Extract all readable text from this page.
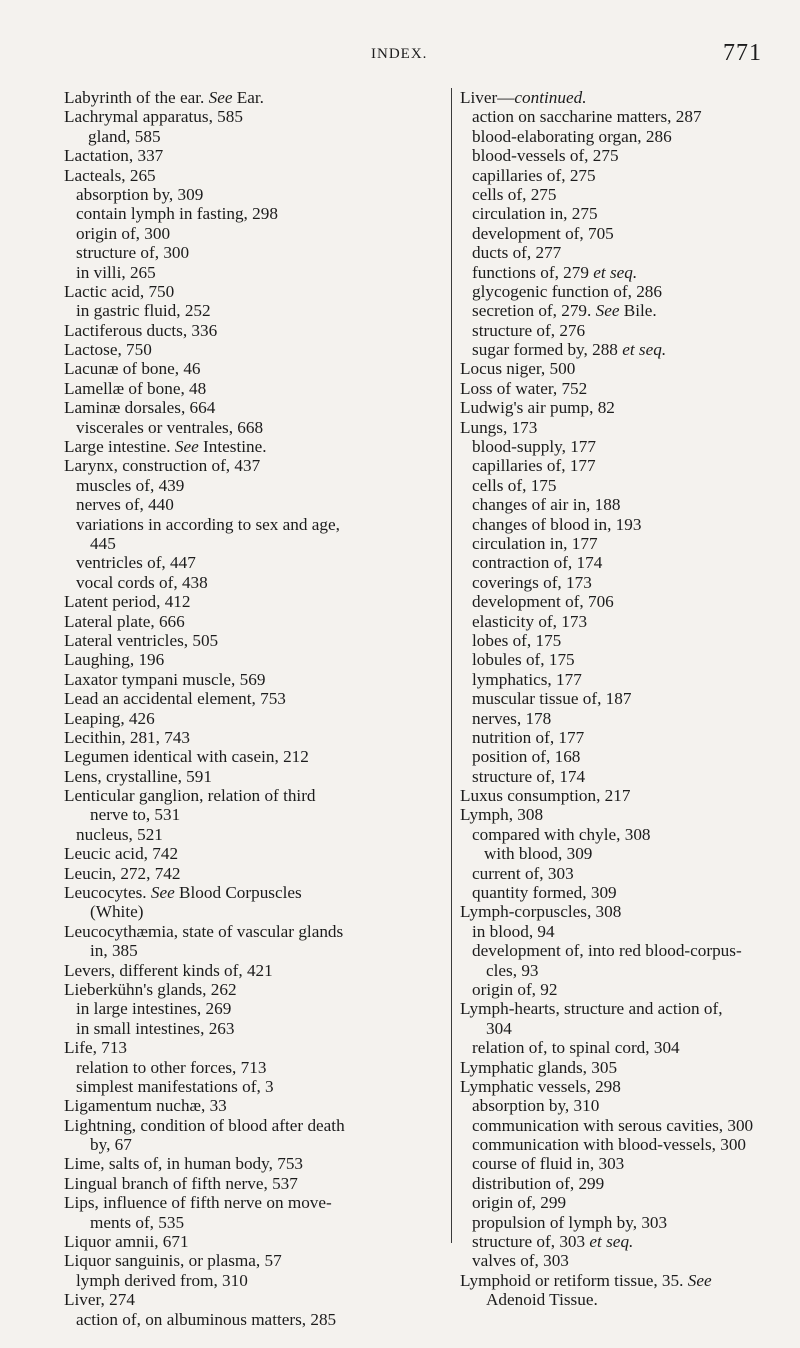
INDEX.	771
Labyrinth of the ear. See Ear.
Lachrymal apparatus, 585
gland, 585
Lactation, 337
Lacteals, 265
absorption by, 309
contain lymph in fasting, 298
origin of, 300
structure of, 300
in villi, 265
Lactic acid, 750
in gastric fluid, 252
Lactiferous ducts, 336
Lactose, 750
Lacunæ of bone, 46
Lamellæ of bone, 48
Laminæ dorsales, 664
viscerales or ventrales, 668
Large intestine. See Intestine.
Larynx, construction of, 437
muscles of, 439
nerves of, 440
variations in according to sex and age,
445
ventricles of, 447
vocal cords of, 438
Latent period, 412
Lateral plate, 666
Lateral ventricles, 505
Laughing, 196
Laxator tympani muscle, 569
Lead an accidental element, 753
Leaping, 426
Lecithin, 281, 743
Legumen identical with casein, 212
Lens, crystalline, 591
Lenticular ganglion, relation of third
nerve to, 531
nucleus, 521
Leucic acid, 742
Leucin, 272, 742
Leucocytes. See Blood Corpuscles
(White)
Leucocythæmia, state of vascular glands
in, 385
Levers, different kinds of, 421
Lieberkühn's glands, 262
in large intestines, 269
in small intestines, 263
Life, 713
relation to other forces, 713
simplest manifestations of, 3
Ligamentum nuchæ, 33
Lightning, condition of blood after death
by, 67
Lime, salts of, in human body, 753
Lingual branch of fifth nerve, 537
Lips, influence of fifth nerve on move-
ments of, 535
Liquor amnii, 671
Liquor sanguinis, or plasma, 57
lymph derived from, 310
Liver, 274
action of, on albuminous matters, 285
Liver—continued.
action on saccharine matters, 287
blood-elaborating organ, 286
blood-vessels of, 275
capillaries of, 275
cells of, 275
circulation in, 275
development of, 705
ducts of, 277
functions of, 279 et seq.
glycogenic function of, 286
secretion of, 279. See Bile.
structure of, 276
sugar formed by, 288 et seq.
Locus niger, 500
Loss of water, 752
Ludwig's air pump, 82
Lungs, 173
blood-supply, 177
capillaries of, 177
cells of, 175
changes of air in, 188
changes of blood in, 193
circulation in, 177
contraction of, 174
coverings of, 173
development of, 706
elasticity of, 173
lobes of, 175
lobules of, 175
lymphatics, 177
muscular tissue of, 187
nerves, 178
nutrition of, 177
position of, 168
structure of, 174
Luxus consumption, 217
Lymph, 308
compared with chyle, 308
with blood, 309
current of, 303
quantity formed, 309
Lymph-corpuscles, 308
in blood, 94
development of, into red blood-corpus-
cles, 93
origin of, 92
Lymph-hearts, structure and action of,
304
relation of, to spinal cord, 304
Lymphatic glands, 305
Lymphatic vessels, 298
absorption by, 310
communication with serous cavities, 300
communication with blood-vessels, 300
course of fluid in, 303
distribution of, 299
origin of, 299
propulsion of lymph by, 303
structure of, 303 et seq.
valves of, 303
Lymphoid or retiform tissue, 35. See
Adenoid Tissue.
